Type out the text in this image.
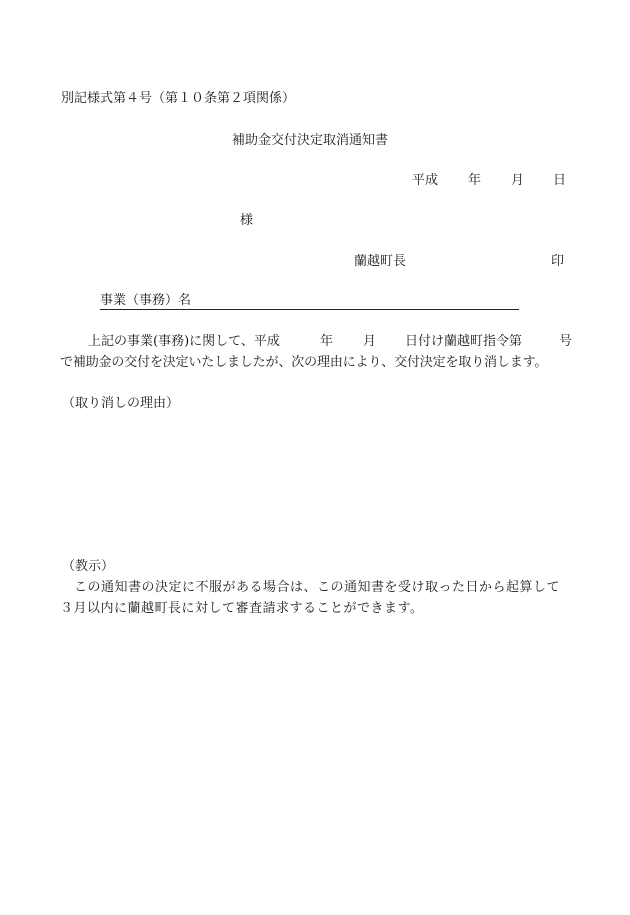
別記様式第４号（第１０条第２項関係）
補助金交付決定取消通知書
平成 年 月 日
様
蘭越町長	印
事業（事務）名
上記の事業(事務)に関して、平成	年 月 日付け蘭越町指令第	号
で補助金の交付を決定いたしましたが、次の理由により、交付決定を取り消します。
（取り消しの理由）
（教示）
この通知書の決定に不服がある場合は、この通知書を受け取った日から起算して
３月以内に蘭越町長に対して審査請求することができます。
